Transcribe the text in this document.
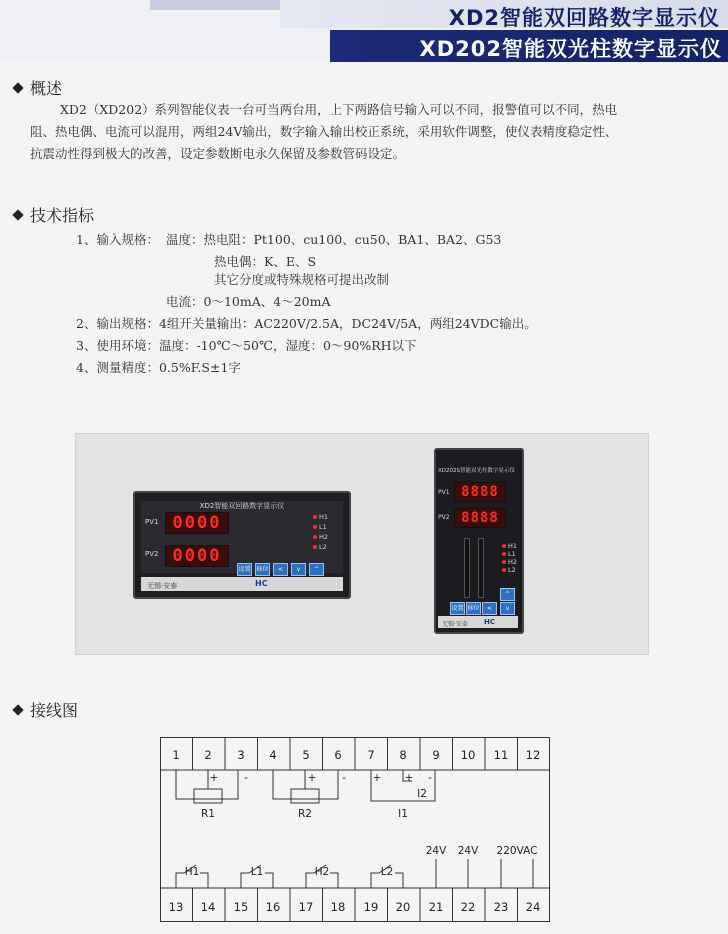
XD2智能双回路数字显示仪
XD202智能双光柱数字显示仪
概述

XD2（XD202）系列智能仪表一台可当两台用，上下两路信号输入可以不同，报警值可以不同，热电

阻、热电偶、电流可以混用，两组24V输出，数字输入输出校正系统，采用软件调整，使仪表精度稳定性、

抗震动性得到极大的改善，设定参数断电永久保留及参数管码设定。

技术指标
1、输入规格： 温度：热电阻：Pt100、cu100、cu50、BA1、BA2、G53
热电偶：K、E、S
其它分度或特殊规格可提出改制
电流：0～10mA、4～20mA
2、输出规格：4组开关量输出：AC220V/2.5A，DC24V/5A，两组24VDC输出。
3、使用环境：温度：-10℃～50℃，湿度：0～90%RH以下
4、测量精度：0.5%F.S±1字
XD2智能双回路数字显示仪
PV1 0000
PV2 0000
H1
L1
H2
L2
设置 移位	<	v	^
无锡·安泰	HC
XD202S智能双光柱数字显示仪
PV1 8888
PV2 8888
H1
L1
H2
L2
^
设置 移位	<	v
无锡·安泰 HC
接线图
1 2 3 4 5 6 7 8 9 10 11 12
13 14 15 16 17 18 19 20 21 22 23 24
+ -	+ -	+ + -
R1	R2	I1
I2
H1	L1	H2	L2
24V 24V 220VAC
